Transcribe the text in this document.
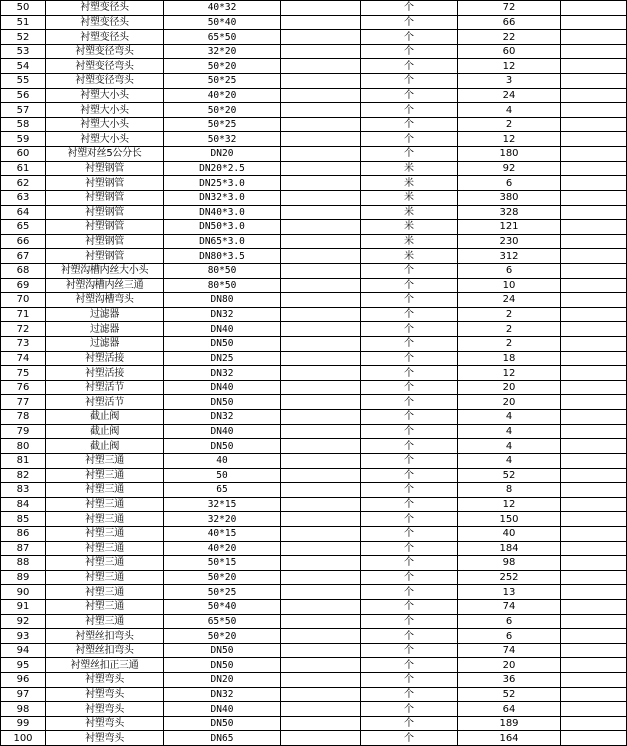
50	衬塑变径头	40*32		个	72		
51	衬塑变径头	50*40		个	66		
52	衬塑变径头	65*50		个	22		
53	衬塑变径弯头	32*20		个	60		
54	衬塑变径弯头	50*20		个	12		
55	衬塑变径弯头	50*25		个	3		
56	衬塑大小头	40*20		个	24		
57	衬塑大小头	50*20		个	4		
58	衬塑大小头	50*25		个	2		
59	衬塑大小头	50*32		个	12		
60	衬塑对丝5公分长	DN20		个	180		
61	衬塑钢管	DN20*2.5		米	92		
62	衬塑钢管	DN25*3.0		米	6		
63	衬塑钢管	DN32*3.0		米	380		
64	衬塑钢管	DN40*3.0		米	328		
65	衬塑钢管	DN50*3.0		米	121		
66	衬塑钢管	DN65*3.0		米	230		
67	衬塑钢管	DN80*3.5		米	312		
68	衬塑沟槽内丝大小头	80*50		个	6		
69	衬塑沟槽内丝三通	80*50		个	10		
70	衬塑沟槽弯头	DN80		个	24		
71	过滤器	DN32		个	2		
72	过滤器	DN40		个	2		
73	过滤器	DN50		个	2		
74	衬塑活接	DN25		个	18		
75	衬塑活接	DN32		个	12		
76	衬塑活节	DN40		个	20		
77	衬塑活节	DN50		个	20		
78	截止阀	DN32		个	4		
79	截止阀	DN40		个	4		
80	截止阀	DN50		个	4		
81	衬塑三通	40		个	4		
82	衬塑三通	50		个	52		
83	衬塑三通	65		个	8		
84	衬塑三通	32*15		个	12		
85	衬塑三通	32*20		个	150		
86	衬塑三通	40*15		个	40		
87	衬塑三通	40*20		个	184		
88	衬塑三通	50*15		个	98		
89	衬塑三通	50*20		个	252		
90	衬塑三通	50*25		个	13		
91	衬塑三通	50*40		个	74		
92	衬塑三通	65*50		个	6		
93	衬塑丝扣弯头	50*20		个	6		
94	衬塑丝扣弯头	DN50		个	74		
95	衬塑丝扣正三通	DN50		个	20		
96	衬塑弯头	DN20		个	36		
97	衬塑弯头	DN32		个	52		
98	衬塑弯头	DN40		个	64		
99	衬塑弯头	DN50		个	189		
100	衬塑弯头	DN65		个	164		
